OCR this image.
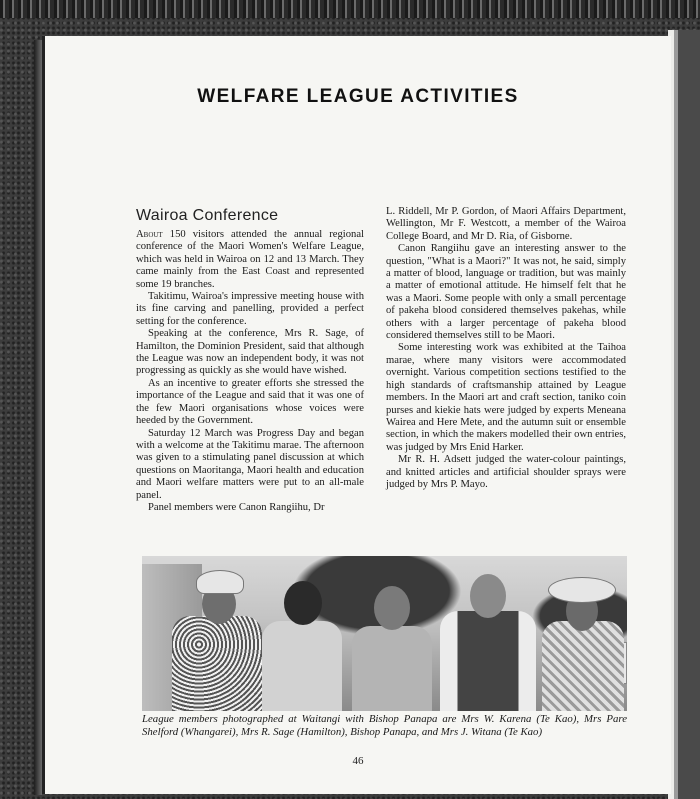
WELFARE LEAGUE ACTIVITIES
Wairoa Conference

About 150 visitors attended the annual regional conference of the Maori Women's Welfare League, which was held in Wairoa on 12 and 13 March. They came mainly from the East Coast and represented some 19 branches.

Takitimu, Wairoa's impressive meeting house with its fine carving and panelling, provided a perfect setting for the conference.

Speaking at the conference, Mrs R. Sage, of Hamilton, the Dominion President, said that although the League was now an independent body, it was not progressing as quickly as she would have wished.

As an incentive to greater efforts she stressed the importance of the League and said that it was one of the few Maori organisations whose voices were heeded by the Government.

Saturday 12 March was Progress Day and began with a welcome at the Takitimu marae. The afternoon was given to a stimulating panel discussion at which questions on Maoritanga, Maori health and education and Maori welfare matters were put to an all-male panel.

Panel members were Canon Rangiihu, Dr

L. Riddell, Mr P. Gordon, of Maori Affairs Department, Wellington, Mr F. Westcott, a member of the Wairoa College Board, and Mr D. Ria, of Gisborne.

Canon Rangiihu gave an interesting answer to the question, "What is a Maori?" It was not, he said, simply a matter of blood, language or tradition, but was mainly a matter of emotional attitude. He himself felt that he was a Maori. Some people with only a small percentage of pakeha blood considered themselves pakehas, while others with a larger percentage of pakeha blood considered themselves still to be Maori.

Some interesting work was exhibited at the Taihoa marae, where many visitors were accommodated overnight. Various competition sections testified to the high standards of craftsmanship attained by League members. In the Maori art and craft section, taniko coin purses and kiekie hats were judged by experts Meneana Wairea and Here Mete, and the autumn suit or ensemble section, in which the makers modelled their own entries, was judged by Mrs Enid Harker.

Mr R. H. Adsett judged the water-colour paintings, and knitted articles and artificial shoulder sprays were judged by Mrs P. Mayo.

League members photographed at Waitangi with Bishop Panapa are Mrs W. Karena (Te Kao), Mrs Pare Shelford (Whangarei), Mrs R. Sage (Hamilton), Bishop Panapa, and Mrs J. Witana (Te Kao)
46
